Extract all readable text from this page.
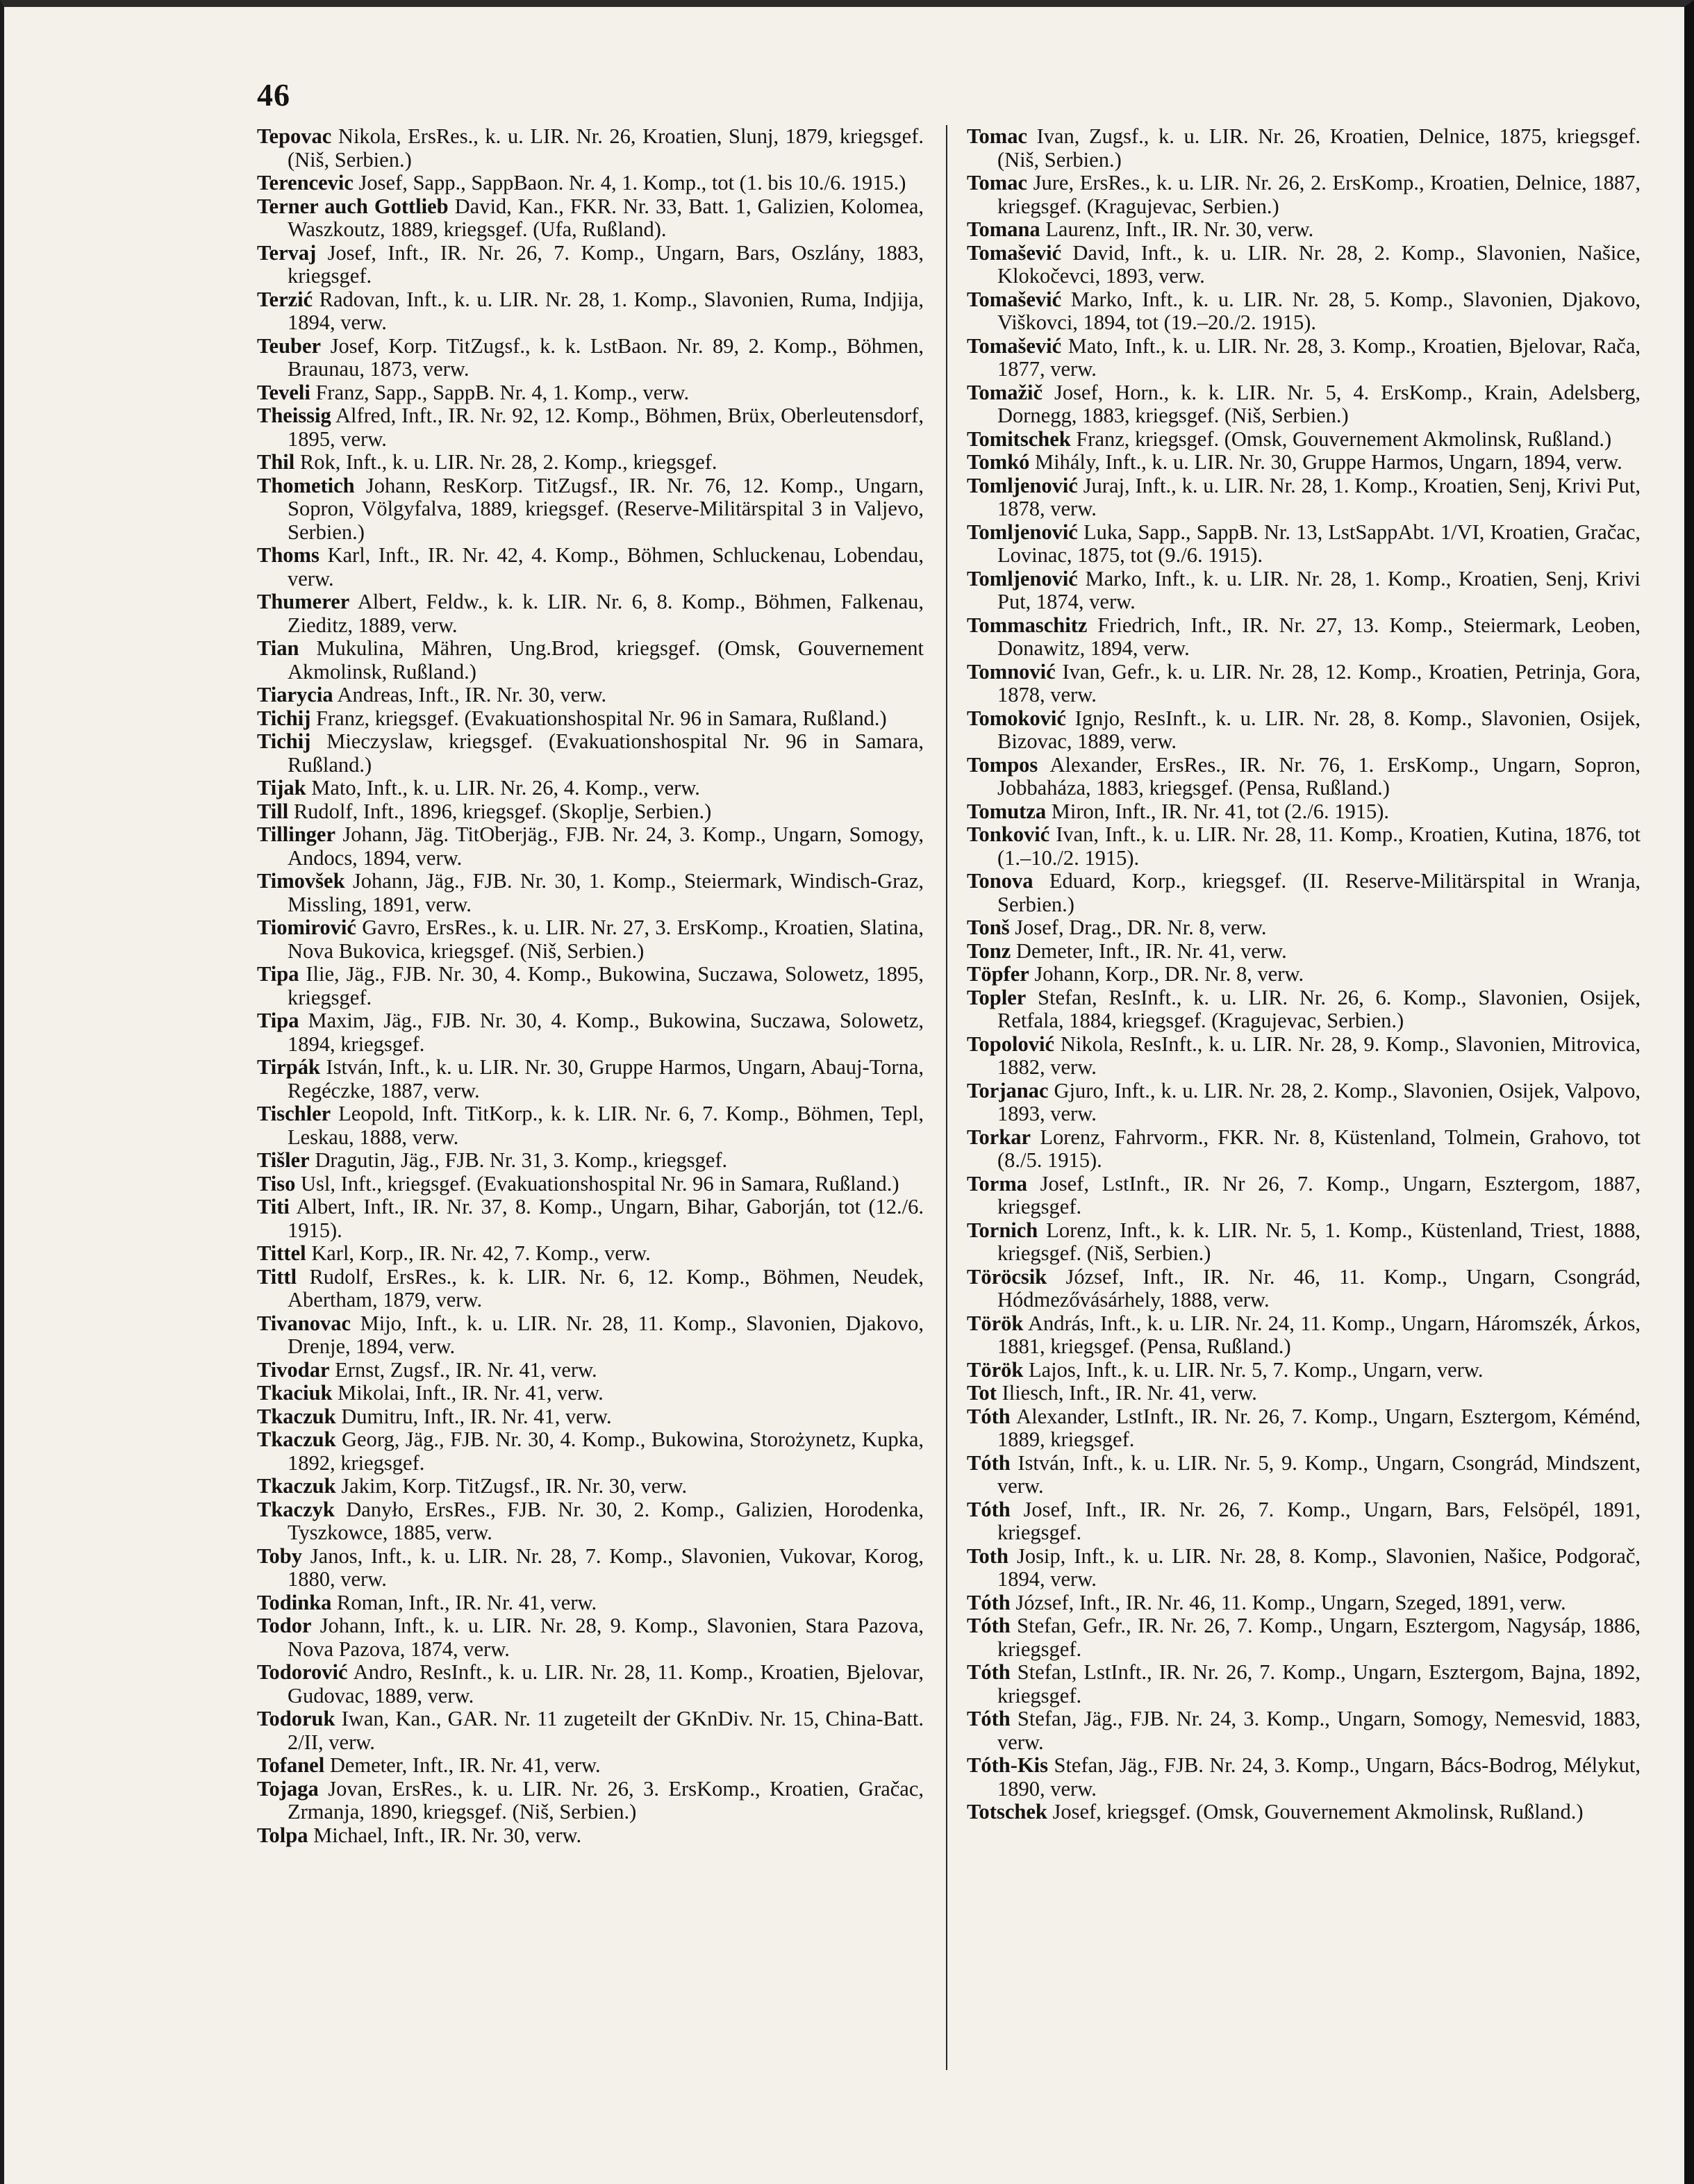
46

Tepovac Nikola, ErsRes., k. u. LIR. Nr. 26, Kroatien, Slunj, 1879, kriegsgef. (Niš, Serbien.)

Terencevic Josef, Sapp., SappBaon. Nr. 4, 1. Komp., tot (1. bis 10./6. 1915.)

Terner auch Gottlieb David, Kan., FKR. Nr. 33, Batt. 1, Galizien, Kolomea, Waszkoutz, 1889, kriegsgef. (Ufa, Rußland).

Tervaj Josef, Inft., IR. Nr. 26, 7. Komp., Ungarn, Bars, Oszlány, 1883, kriegsgef.

Terzić Radovan, Inft., k. u. LIR. Nr. 28, 1. Komp., Slavonien, Ruma, Indjija, 1894, verw.

Teuber Josef, Korp. TitZugsf., k. k. LstBaon. Nr. 89, 2. Komp., Böhmen, Braunau, 1873, verw.

Teveli Franz, Sapp., SappB. Nr. 4, 1. Komp., verw.

Theissig Alfred, Inft., IR. Nr. 92, 12. Komp., Böhmen, Brüx, Oberleutensdorf, 1895, verw.

Thil Rok, Inft., k. u. LIR. Nr. 28, 2. Komp., kriegsgef.

Thometich Johann, ResKorp. TitZugsf., IR. Nr. 76, 12. Komp., Ungarn, Sopron, Völgyfalva, 1889, kriegsgef. (Reserve-Militärspital 3 in Valjevo, Serbien.)

Thoms Karl, Inft., IR. Nr. 42, 4. Komp., Böhmen, Schluckenau, Lobendau, verw.

Thumerer Albert, Feldw., k. k. LIR. Nr. 6, 8. Komp., Böhmen, Falkenau, Zieditz, 1889, verw.

Tian Mukulina, Mähren, Ung.Brod, kriegsgef. (Omsk, Gouvernement Akmolinsk, Rußland.)

Tiarycia Andreas, Inft., IR. Nr. 30, verw.

Tichij Franz, kriegsgef. (Evakuationshospital Nr. 96 in Samara, Rußland.)

Tichij Mieczyslaw, kriegsgef. (Evakuationshospital Nr. 96 in Samara, Rußland.)

Tijak Mato, Inft., k. u. LIR. Nr. 26, 4. Komp., verw.

Till Rudolf, Inft., 1896, kriegsgef. (Skoplje, Serbien.)

Tillinger Johann, Jäg. TitOberjäg., FJB. Nr. 24, 3. Komp., Ungarn, Somogy, Andocs, 1894, verw.

Timovšek Johann, Jäg., FJB. Nr. 30, 1. Komp., Steiermark, Windisch-Graz, Missling, 1891, verw.

Tiomirović Gavro, ErsRes., k. u. LIR. Nr. 27, 3. ErsKomp., Kroatien, Slatina, Nova Bukovica, kriegsgef. (Niš, Serbien.)

Tipa Ilie, Jäg., FJB. Nr. 30, 4. Komp., Bukowina, Suczawa, Solowetz, 1895, kriegsgef.

Tipa Maxim, Jäg., FJB. Nr. 30, 4. Komp., Bukowina, Suczawa, Solowetz, 1894, kriegsgef.

Tirpák István, Inft., k. u. LIR. Nr. 30, Gruppe Harmos, Ungarn, Abauj-Torna, Regéczke, 1887, verw.

Tischler Leopold, Inft. TitKorp., k. k. LIR. Nr. 6, 7. Komp., Böhmen, Tepl, Leskau, 1888, verw.

Tišler Dragutin, Jäg., FJB. Nr. 31, 3. Komp., kriegsgef.

Tiso Usl, Inft., kriegsgef. (Evakuationshospital Nr. 96 in Samara, Rußland.)

Titi Albert, Inft., IR. Nr. 37, 8. Komp., Ungarn, Bihar, Gaborján, tot (12./6. 1915).

Tittel Karl, Korp., IR. Nr. 42, 7. Komp., verw.

Tittl Rudolf, ErsRes., k. k. LIR. Nr. 6, 12. Komp., Böhmen, Neudek, Abertham, 1879, verw.

Tivanovac Mijo, Inft., k. u. LIR. Nr. 28, 11. Komp., Slavonien, Djakovo, Drenje, 1894, verw.

Tivodar Ernst, Zugsf., IR. Nr. 41, verw.

Tkaciuk Mikolai, Inft., IR. Nr. 41, verw.

Tkaczuk Dumitru, Inft., IR. Nr. 41, verw.

Tkaczuk Georg, Jäg., FJB. Nr. 30, 4. Komp., Bukowina, Storożynetz, Kupka, 1892, kriegsgef.

Tkaczuk Jakim, Korp. TitZugsf., IR. Nr. 30, verw.

Tkaczyk Danyło, ErsRes., FJB. Nr. 30, 2. Komp., Galizien, Horodenka, Tyszkowce, 1885, verw.

Toby Janos, Inft., k. u. LIR. Nr. 28, 7. Komp., Slavonien, Vukovar, Korog, 1880, verw.

Todinka Roman, Inft., IR. Nr. 41, verw.

Todor Johann, Inft., k. u. LIR. Nr. 28, 9. Komp., Slavonien, Stara Pazova, Nova Pazova, 1874, verw.

Todorović Andro, ResInft., k. u. LIR. Nr. 28, 11. Komp., Kroatien, Bjelovar, Gudovac, 1889, verw.

Todoruk Iwan, Kan., GAR. Nr. 11 zugeteilt der GKnDiv. Nr. 15, China-Batt. 2/II, verw.

Tofanel Demeter, Inft., IR. Nr. 41, verw.

Tojaga Jovan, ErsRes., k. u. LIR. Nr. 26, 3. ErsKomp., Kroatien, Gračac, Zrmanja, 1890, kriegsgef. (Niš, Serbien.)

Tolpa Michael, Inft., IR. Nr. 30, verw.

Tomac Ivan, Zugsf., k. u. LIR. Nr. 26, Kroatien, Delnice, 1875, kriegsgef. (Niš, Serbien.)

Tomac Jure, ErsRes., k. u. LIR. Nr. 26, 2. ErsKomp., Kroatien, Delnice, 1887, kriegsgef. (Kragujevac, Serbien.)

Tomana Laurenz, Inft., IR. Nr. 30, verw.

Tomašević David, Inft., k. u. LIR. Nr. 28, 2. Komp., Slavonien, Našice, Klokočevci, 1893, verw.

Tomašević Marko, Inft., k. u. LIR. Nr. 28, 5. Komp., Slavonien, Djakovo, Viškovci, 1894, tot (19.–20./2. 1915).

Tomašević Mato, Inft., k. u. LIR. Nr. 28, 3. Komp., Kroatien, Bjelovar, Rača, 1877, verw.

Tomažič Josef, Horn., k. k. LIR. Nr. 5, 4. ErsKomp., Krain, Adelsberg, Dornegg, 1883, kriegsgef. (Niš, Serbien.)

Tomitschek Franz, kriegsgef. (Omsk, Gouvernement Akmolinsk, Rußland.)

Tomkó Mihály, Inft., k. u. LIR. Nr. 30, Gruppe Harmos, Ungarn, 1894, verw.

Tomljenović Juraj, Inft., k. u. LIR. Nr. 28, 1. Komp., Kroatien, Senj, Krivi Put, 1878, verw.

Tomljenović Luka, Sapp., SappB. Nr. 13, LstSappAbt. 1/VI, Kroatien, Gračac, Lovinac, 1875, tot (9./6. 1915).

Tomljenović Marko, Inft., k. u. LIR. Nr. 28, 1. Komp., Kroatien, Senj, Krivi Put, 1874, verw.

Tommaschitz Friedrich, Inft., IR. Nr. 27, 13. Komp., Steiermark, Leoben, Donawitz, 1894, verw.

Tomnović Ivan, Gefr., k. u. LIR. Nr. 28, 12. Komp., Kroatien, Petrinja, Gora, 1878, verw.

Tomoković Ignjo, ResInft., k. u. LIR. Nr. 28, 8. Komp., Slavonien, Osijek, Bizovac, 1889, verw.

Tompos Alexander, ErsRes., IR. Nr. 76, 1. ErsKomp., Ungarn, Sopron, Jobbaháza, 1883, kriegsgef. (Pensa, Rußland.)

Tomutza Miron, Inft., IR. Nr. 41, tot (2./6. 1915).

Tonković Ivan, Inft., k. u. LIR. Nr. 28, 11. Komp., Kroatien, Kutina, 1876, tot (1.–10./2. 1915).

Tonova Eduard, Korp., kriegsgef. (II. Reserve-Militärspital in Wranja, Serbien.)

Tonš Josef, Drag., DR. Nr. 8, verw.

Tonz Demeter, Inft., IR. Nr. 41, verw.

Töpfer Johann, Korp., DR. Nr. 8, verw.

Topler Stefan, ResInft., k. u. LIR. Nr. 26, 6. Komp., Slavonien, Osijek, Retfala, 1884, kriegsgef. (Kragujevac, Serbien.)

Topolović Nikola, ResInft., k. u. LIR. Nr. 28, 9. Komp., Slavonien, Mitrovica, 1882, verw.

Torjanac Gjuro, Inft., k. u. LIR. Nr. 28, 2. Komp., Slavonien, Osijek, Valpovo, 1893, verw.

Torkar Lorenz, Fahrvorm., FKR. Nr. 8, Küstenland, Tolmein, Grahovo, tot (8./5. 1915).

Torma Josef, LstInft., IR. Nr 26, 7. Komp., Ungarn, Esztergom, 1887, kriegsgef.

Tornich Lorenz, Inft., k. k. LIR. Nr. 5, 1. Komp., Küstenland, Triest, 1888, kriegsgef. (Niš, Serbien.)

Töröcsik József, Inft., IR. Nr. 46, 11. Komp., Ungarn, Csongrád, Hódmezővásárhely, 1888, verw.

Török András, Inft., k. u. LIR. Nr. 24, 11. Komp., Ungarn, Háromszék, Árkos, 1881, kriegsgef. (Pensa, Rußland.)

Török Lajos, Inft., k. u. LIR. Nr. 5, 7. Komp., Ungarn, verw.

Tot Iliesch, Inft., IR. Nr. 41, verw.

Tóth Alexander, LstInft., IR. Nr. 26, 7. Komp., Ungarn, Esztergom, Kéménd, 1889, kriegsgef.

Tóth István, Inft., k. u. LIR. Nr. 5, 9. Komp., Ungarn, Csongrád, Mindszent, verw.

Tóth Josef, Inft., IR. Nr. 26, 7. Komp., Ungarn, Bars, Felsöpél, 1891, kriegsgef.

Toth Josip, Inft., k. u. LIR. Nr. 28, 8. Komp., Slavonien, Našice, Podgorač, 1894, verw.

Tóth József, Inft., IR. Nr. 46, 11. Komp., Ungarn, Szeged, 1891, verw.

Tóth Stefan, Gefr., IR. Nr. 26, 7. Komp., Ungarn, Esztergom, Nagysáp, 1886, kriegsgef.

Tóth Stefan, LstInft., IR. Nr. 26, 7. Komp., Ungarn, Esztergom, Bajna, 1892, kriegsgef.

Tóth Stefan, Jäg., FJB. Nr. 24, 3. Komp., Ungarn, Somogy, Nemesvid, 1883, verw.

Tóth-Kis Stefan, Jäg., FJB. Nr. 24, 3. Komp., Ungarn, Bács-Bodrog, Mélykut, 1890, verw.

Totschek Josef, kriegsgef. (Omsk, Gouvernement Akmolinsk, Rußland.)
